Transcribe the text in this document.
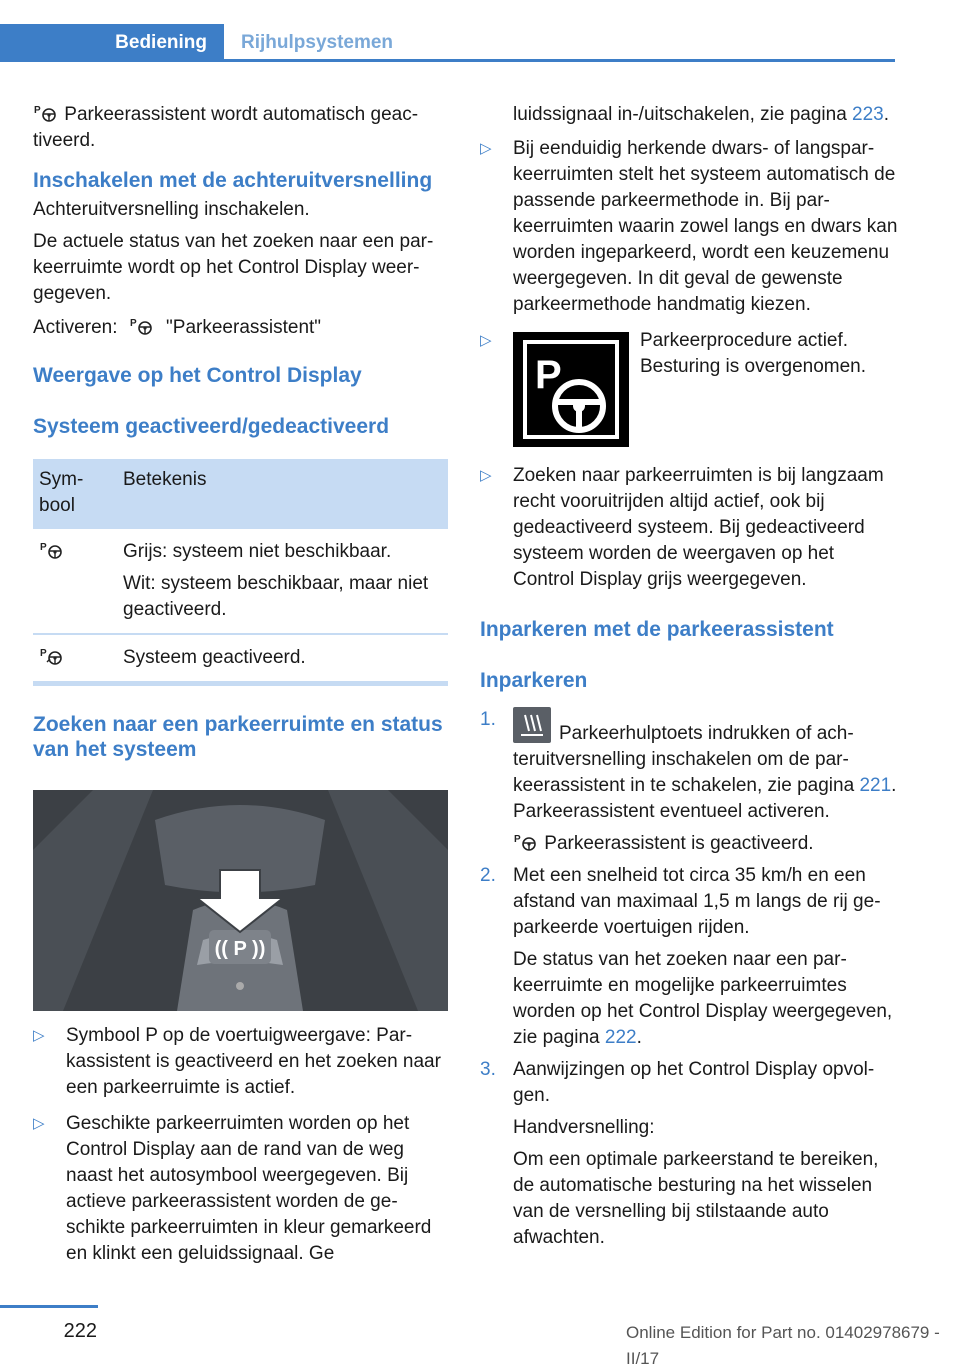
Bediening	Rijhulpsystemen

P Parkeerassistent wordt automatisch geactiveerd.

Inschakelen met de achteruitversnelling

Achteruitversnelling inschakelen.

De actuele status van het zoeken naar een parkeerruimte wordt op het Control Display weergegeven.

Activeren: P "Parkeerassistent"

Weergave op het Control Display
Systeem geactiveerd/gedeactiveerd
Symbool	Betekenis

P	Grijs: systeem niet beschikbaar.

Wit: systeem beschikbaar, maar niet geactiveerd.

P	Systeem geactiveerd.
Zoeken naar een parkeerruimte en status van het systeem
(( P ))
▷ Symbool P op de voertuigweergave: Parkassistent is geactiveerd en het zoeken naar een parkeerruimte is actief.
▷ Geschikte parkeerruimten worden op het Control Display aan de rand van de weg naast het autosymbool weergegeven. Bij actieve parkeerassistent worden de geschikte parkeerruimten in kleur gemarkeerd en klinkt een geluidssignaal. Ge

luidssignaal in-/uitschakelen, zie pagina 223.

▷ Bij eenduidig herkende dwars- of langsparkeerruimten stelt het systeem automatisch de passende parkeermethode in. Bij parkeerruimten waarin zowel langs en dwars kan worden ingeparkeerd, wordt een keuzemenu weergegeven. In dit geval de gewenste parkeermethode handmatig kiezen.
▷
P
Parkeerprocedure actief. Besturing is overgenomen.
▷ Zoeken naar parkeerruimten is bij langzaam recht vooruitrijden altijd actief, ook bij gedeactiveerd systeem. Bij gedeactiveerd systeem worden de weergaven op het Control Display grijs weergegeven.
Inparkeren met de parkeerassistent
Inparkeren
1.
Parkeerhulptoets indrukken of achteruitversnelling inschakelen om de parkeerassistent in te schakelen, zie pagina 221. Parkeerassistent eventueel activeren.

P Parkeerassistent is geactiveerd.

2. Met een snelheid tot circa 35 km/h en een afstand van maximaal 1,5 m langs de rij geparkeerde voertuigen rijden.

De status van het zoeken naar een parkeerruimte en mogelijke parkeerruimtes worden op het Control Display weergegeven, zie pagina 222.

3. Aanwijzingen op het Control Display opvolgen.

Handversnelling:

Om een optimale parkeerstand te bereiken, de automatische besturing na het wisselen van de versnelling bij stilstaande auto afwachten.

222	Online Edition for Part no. 01402978679 - II/17
